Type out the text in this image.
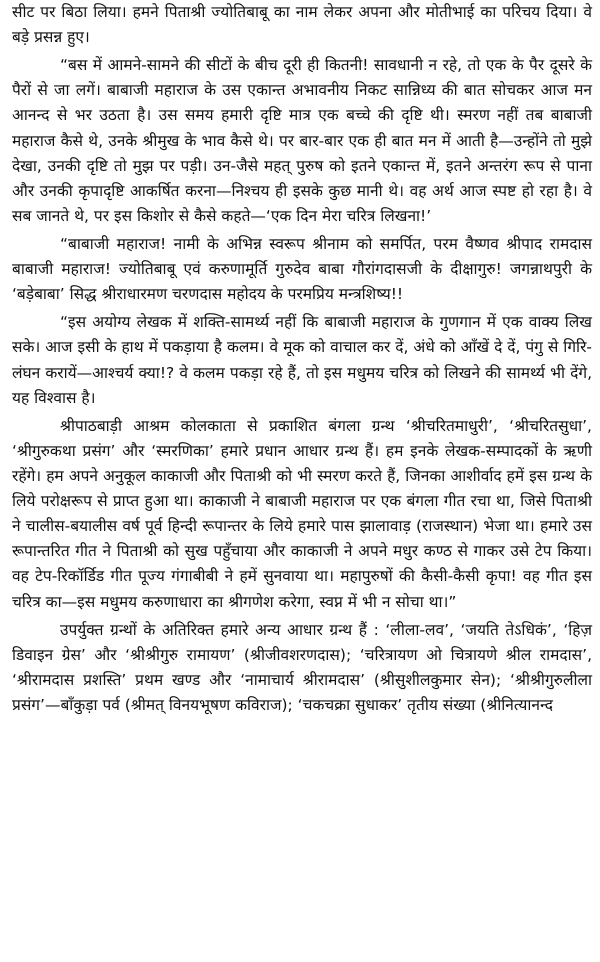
सीट पर बिठा लिया। हमने पिताश्री ज्योतिबाबू का नाम लेकर अपना और मोतीभाई का परिचय दिया। वे बड़े प्रसन्न हुए।

“बस में आमने-सामने की सीटों के बीच दूरी ही कितनी! सावधानी न रहे, तो एक के पैर दूसरे के पैरों से जा लगें। बाबाजी महाराज के उस एकान्त अभावनीय निकट सान्निध्य की बात सोचकर आज मन आनन्द से भर उठता है। उस समय हमारी दृष्टि मात्र एक बच्चे की दृष्टि थी। स्मरण नहीं तब बाबाजी महाराज कैसे थे, उनके श्रीमुख के भाव कैसे थे। पर बार-बार एक ही बात मन में आती है—उन्होंने तो मुझे देखा, उनकी दृष्टि तो मुझ पर पड़ी। उन-जैसे महत् पुरुष को इतने एकान्त में, इतने अन्तरंग रूप से पाना और उनकी कृपादृष्टि आकर्षित करना—निश्चय ही इसके कुछ मानी थे। वह अर्थ आज स्पष्ट हो रहा है। वे सब जानते थे, पर इस किशोर से कैसे कहते—‘एक दिन मेरा चरित्र लिखना!’

“बाबाजी महाराज! नामी के अभिन्न स्वरूप श्रीनाम को समर्पित, परम वैष्णव श्रीपाद रामदास बाबाजी महाराज! ज्योतिबाबू एवं करुणामूर्ति गुरुदेव बाबा गौरांगदासजी के दीक्षागुरु! जगन्नाथपुरी के ‘बड़ेबाबा’ सिद्ध श्रीराधारमण चरणदास महोदय के परमप्रिय मन्त्रशिष्य!!

“इस अयोग्य लेखक में शक्ति-सामर्थ्य नहीं कि बाबाजी महाराज के गुणगान में एक वाक्य लिख सके। आज इसी के हाथ में पकड़ाया है कलम। वे मूक को वाचाल कर दें, अंधे को आँखें दे दें, पंगु से गिरि-लंघन करायें—आश्चर्य क्या!? वे कलम पकड़ा रहे हैं, तो इस मधुमय चरित्र को लिखने की सामर्थ्य भी देंगे, यह विश्वास है।

श्रीपाठबाड़ी आश्रम कोलकाता से प्रकाशित बंगला ग्रन्थ ‘श्रीचरितमाधुरी’, ‘श्रीचरितसुधा’, ‘श्रीगुरुकथा प्रसंग’ और ‘स्मरणिका’ हमारे प्रधान आधार ग्रन्थ हैं। हम इनके लेखक-सम्पादकों के ऋणी रहेंगे। हम अपने अनुकूल काकाजी और पिताश्री को भी स्मरण करते हैं, जिनका आशीर्वाद हमें इस ग्रन्थ के लिये परोक्षरूप से प्राप्त हुआ था। काकाजी ने बाबाजी महाराज पर एक बंगला गीत रचा था, जिसे पिताश्री ने चालीस-बयालीस वर्ष पूर्व हिन्दी रूपान्तर के लिये हमारे पास झालावाड़ (राजस्थान) भेजा था। हमारे उस रूपान्तरित गीत ने पिताश्री को सुख पहुँचाया और काकाजी ने अपने मधुर कण्ठ से गाकर उसे टेप किया। वह टेप-रिकॉर्डिड गीत पूज्य गंगाबीबी ने हमें सुनवाया था। महापुरुषों की कैसी-कैसी कृपा! वह गीत इस चरित्र का—इस मधुमय करुणाधारा का श्रीगणेश करेगा, स्वप्न में भी न सोचा था।”

उपर्युक्त ग्रन्थों के अतिरिक्त हमारे अन्य आधार ग्रन्थ हैं : ‘लीला-लव’, ‘जयति तेऽधिकं’, ‘हिज़ डिवाइन ग्रेस’ और ‘श्रीश्रीगुरु रामायण’ (श्रीजीवशरणदास); ‘चरित्रायण ओ चित्रायणे श्रील रामदास’, ‘श्रीरामदास प्रशस्ति’ प्रथम खण्ड और ‘नामाचार्य श्रीरामदास’ (श्रीसुशीलकुमार सेन); ‘श्रीश्रीगुरुलीला प्रसंग’—बाँकुड़ा पर्व (श्रीमत् विनयभूषण कविराज); ‘चकचक्रा सुधाकर’ तृतीय संख्या (श्रीनित्यानन्द
